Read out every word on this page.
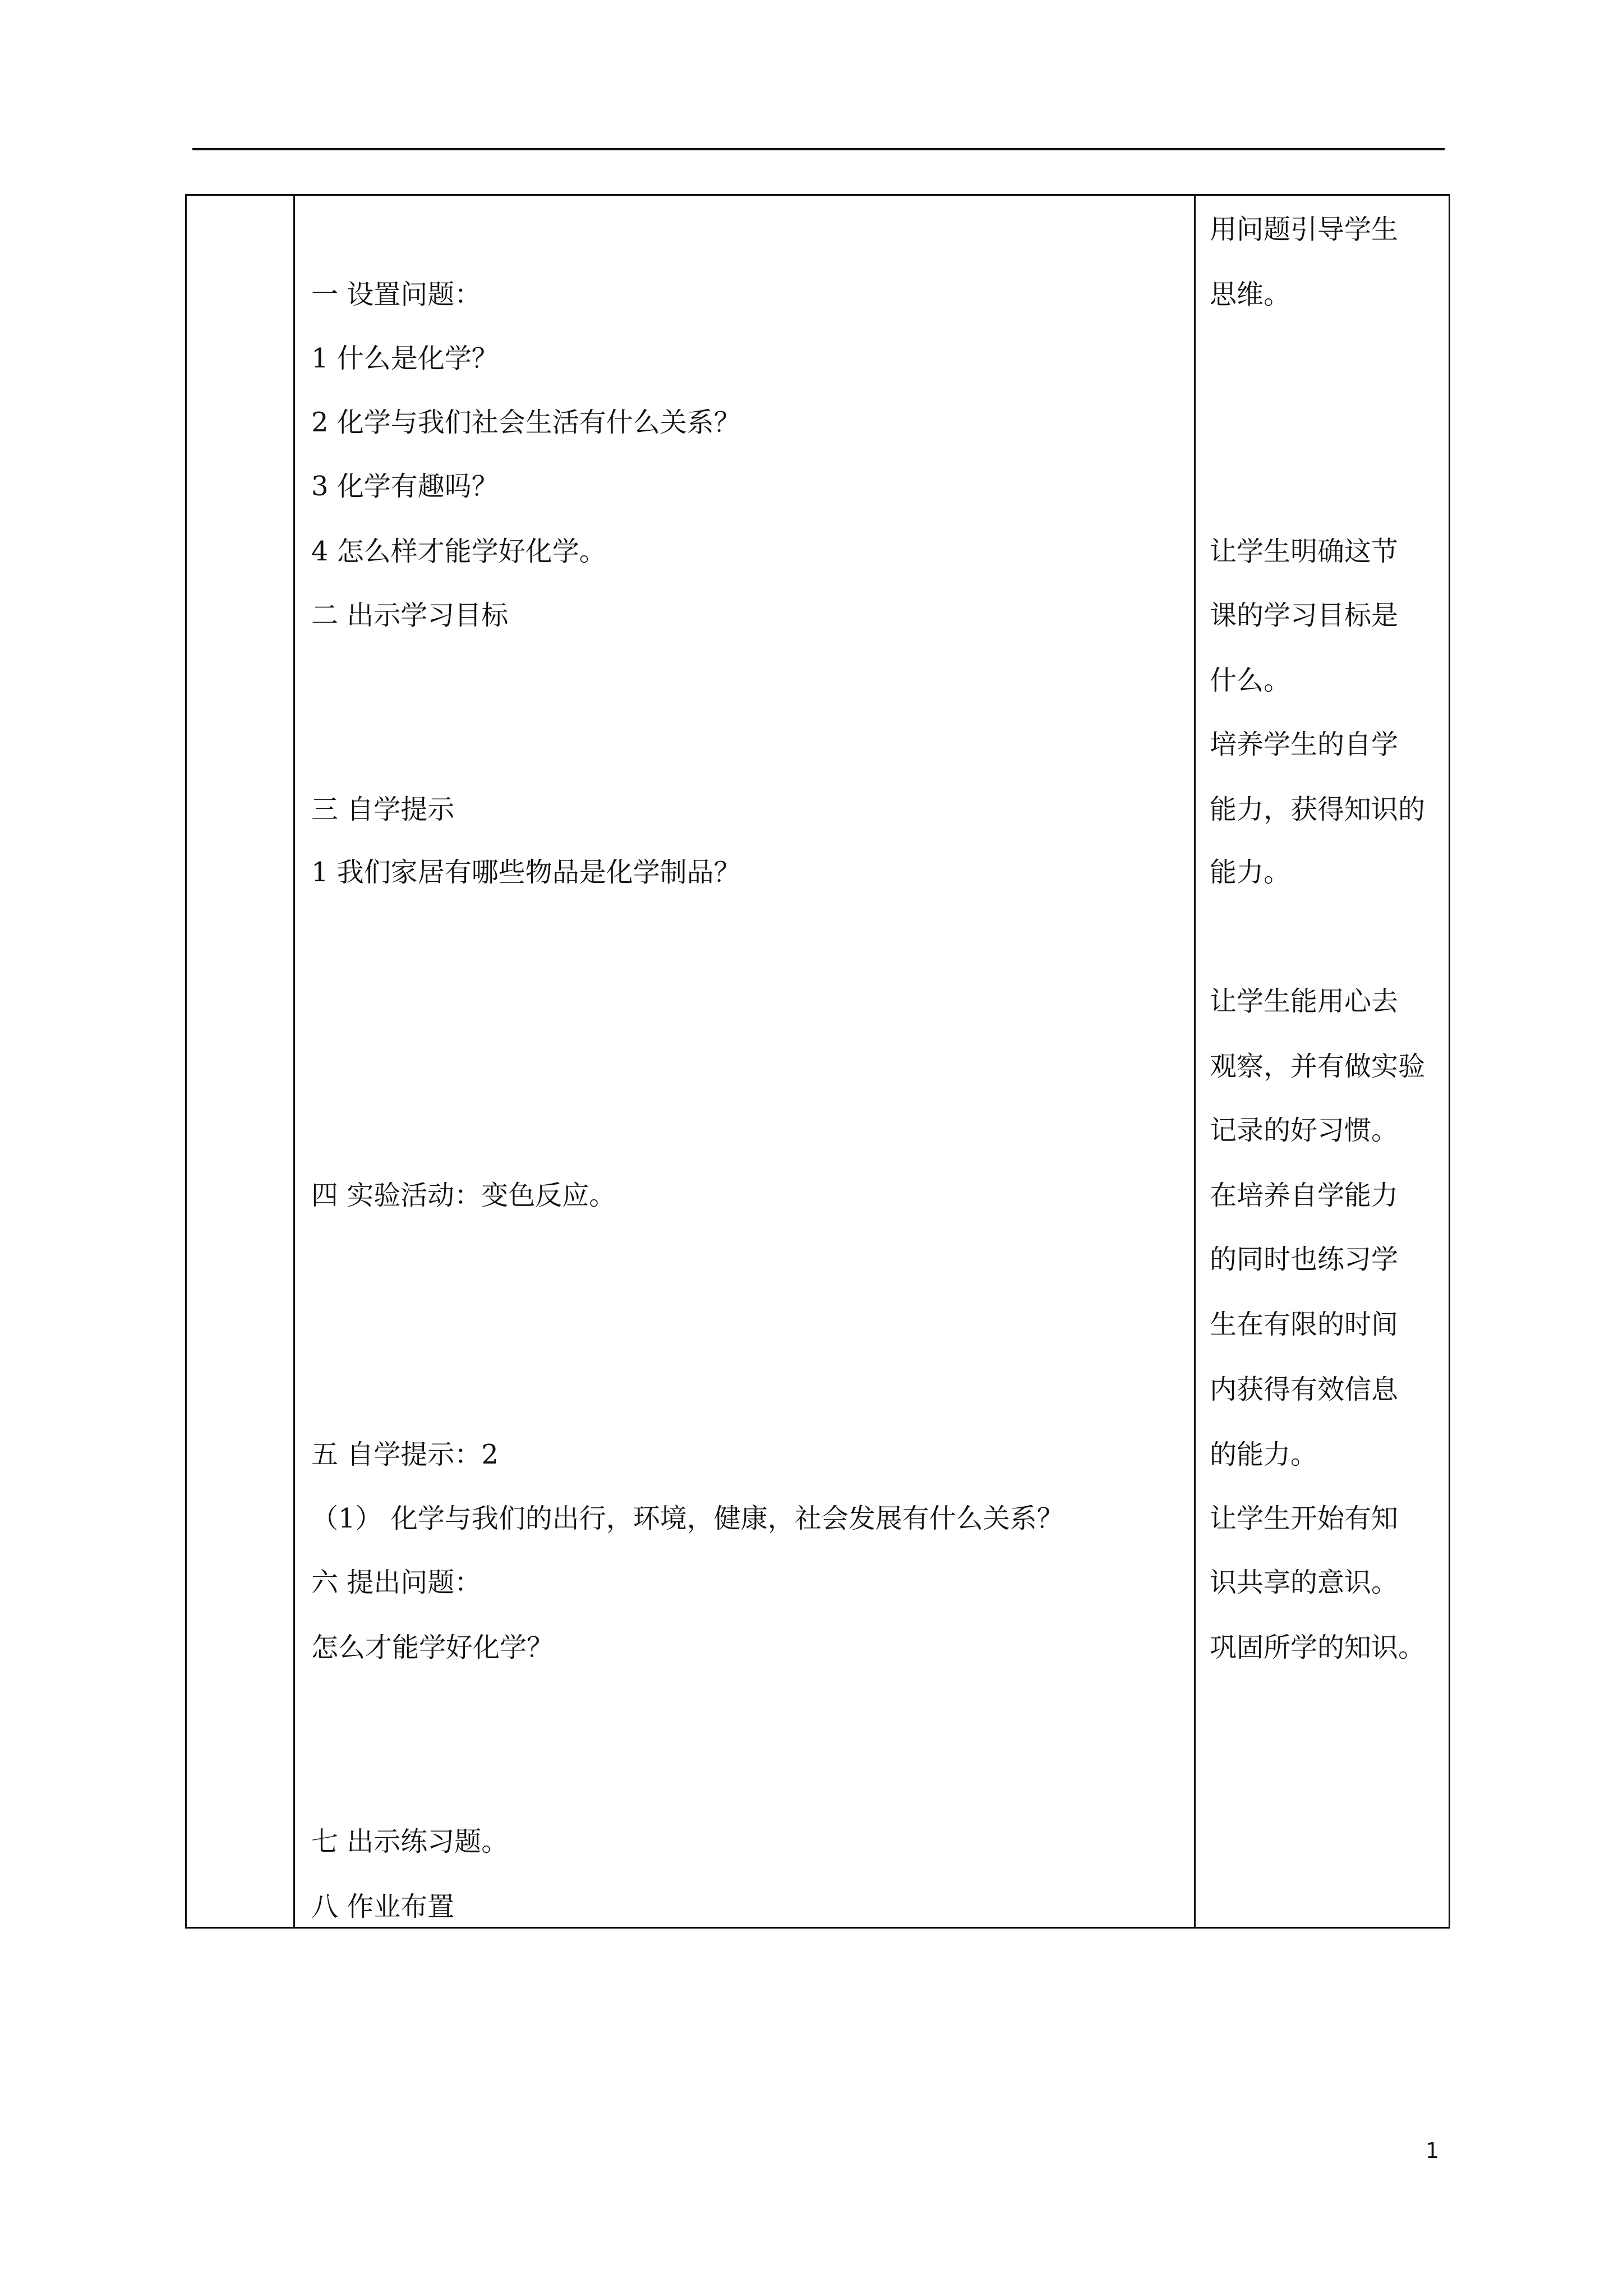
一 设置问题：
1 什么是化学？
2 化学与我们社会生活有什么关系？
3 化学有趣吗？
4 怎么样才能学好化学。
二 出示学习目标
三 自学提示
1 我们家居有哪些物品是化学制品？
四 实验活动：变色反应。
五 自学提示：2
（1） 化学与我们的出行，环境，健康，社会发展有什么关系？
六 提出问题：
怎么才能学好化学？
七 出示练习题。
八 作业布置
用问题引导学生
思维。
让学生明确这节
课的学习目标是
什么。
培养学生的自学
能力，获得知识的
能力。
让学生能用心去
观察，并有做实验
记录的好习惯。
在培养自学能力
的同时也练习学
生在有限的时间
内获得有效信息
的能力。
让学生开始有知
识共享的意识。
巩固所学的知识。
1
